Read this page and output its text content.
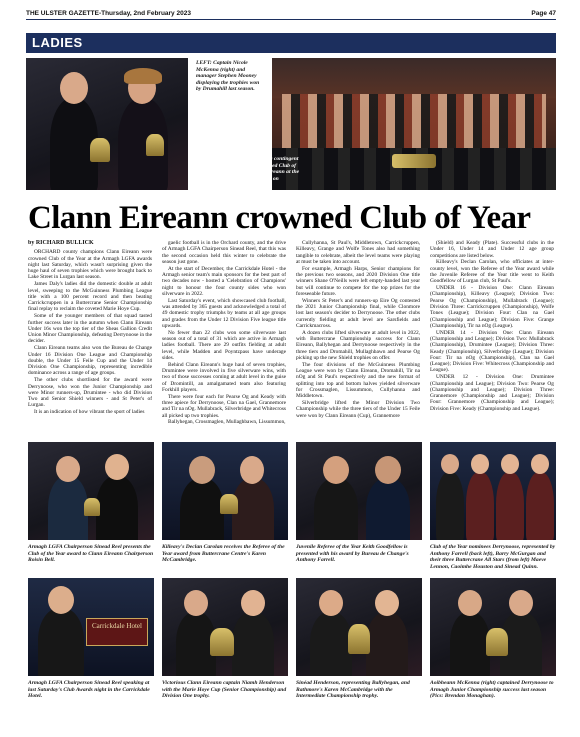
THE ULSTER GAZETTE-Thursday, 2nd February 2023	Page 47
LADIES
LEFT: Captain Nicole McKenna (right) and manager Stephen Mooney displaying the trophies won by Drumahill last season.
RIGHT: The huge contingent from newly-crowned Club of the Year Clann Eireann at the Carrickdale Hotel on Saturday night.
Clann Eireann crowned Club of Year
by RICHARD BULLICK

ORCHARD county champions Clann Eireann were crowned Club of the Year at the Armagh LGFA awards night last Saturday, which wasn't surprising given the huge haul of seven trophies which were brought back to Lake Street in Lurgan last season.

James Daly's ladies did the domestic double at adult level, sweeping to the McGuinness Plumbing League title with a 100 percent record and then beating Carrickcruppen in a Buttercrane Senior Championship final replay to reclaim the coveted Marie Hoye Cup.

Some of the younger members of that squad tasted further success later in the autumn when Clann Eireann Under 16s won the top tier of the Sheas Gallion Credit Union Minor Championship, defeating Derrynoose in the decider.

Clann Eireann teams also won the Bureau de Change Under 16 Division One League and Championship double, the Under 15 Feile Cup and the Under 14 Division One Championship, representing incredible dominance across a range of age groups.

The other clubs shortlisted for the award were Derrynoose, who won the Junior Championship and were Minor runners-up, Drumintee - who did Division Two and Senior Shield winners - and St Peter's of Lurgan.

It is an indication of how vibrant the sport of ladies

gaelic football is in the Orchard county, and the drive of Armagh LGFA Chairperson Sinead Reel, that this was the second occasion held this winter to celebrate the season just gone.

At the start of December, the Carrickdale Hotel - the Armagh senior team's main sponsors for the best part of two decades now - hosted a 'Celebration of Champions' night to honour the four county sides who won silverware in 2022.

Last Saturday's event, which showcased club football, was attended by 365 guests and acknowledged a total of 49 domestic trophy triumphs by teams at all age groups and grades from the Under 12 Division Five league title upwards.

No fewer than 22 clubs won some silverware last season out of a total of 31 which are active in Armagh ladies football. There are 29 outfits fielding at adult level, while Madden and Poyntzpass have underage sides.

Behind Clann Eireann's huge haul of seven trophies, Drumintee were involved in five silverware wins, with two of those successes coming at adult level in the guise of Dromintill, an amalgamated team also featuring Forkhill players.

There were four each for Pearse Og and Keady with three apiece for Derrynoose, Clan na Gael, Grannemore and Tir na nOg. Mullabrack, Silverbridge and Whitecross all picked up two trophies.

Ballyhegan, Crossmaglen, Mullaghbawn, Lissummon,

Cullyhanna, St Paul's, Middletown, Carrickcruppen, Killeavy, Grange and Wolfe Tones also had something tangible to celebrate, albeit the level teams were playing at must be taken into account.

For example, Armagh Harps, Senior champions for the previous two seasons, and 2020 Division One title winners Shane O'Neills were left empty-handed last year but will continue to compete for the top prizes for the foreseeable future.

Winners St Peter's and runners-up Eire Og contested the 2021 Junior Championship final, while Clonmore lost last season's decider to Derrynoose. The other clubs currently fielding at adult level are Sarsfields and Carrickmacross.

A dozen clubs lifted silverware at adult level in 2022, with Buttercrane Championship success for Clann Eireann, Ballyhegan and Derrynoose respectively in the three tiers and Dromahill, Mullaghbawn and Pearse Og picking up the new Shield trophies on offer.

The four divisions of the McGuinness Plumbing League were won by Clann Eireann, Dromahill, Tir na nOg and St Paul's respectively and the new format of splitting into top and bottom halves yielded silverware for Crossmaglen, Lissummon, Cullyhanna and Middletown.

Silverbridge lifted the Minor Division Two Championship while the three tiers of the Under 15 Feile were won by Clann Eireann (Cup), Grannemore

(Shield) and Keady (Plate). Successful clubs in the Under 16, Under 14 and Under 12 age group competitions are listed below.

Killeavy's Declan Carolan, who officiates at inter-county level, won the Referee of the Year award while the Juvenile Referee of the Year title went to Keith Goodfellow of Lurgan club, St Paul's.

UNDER 16 - Division One: Clann Eireann (Championship), Killeavy (League); Division Two: Pearse Og (Championship), Mullabrack (League); Division Three: Carrickcruppen (Championship), Wolfe Tones (League); Division Four: Clan na Gael (Championship and League); Division Five: Grange (Championship), Tir na nOg (League).

UNDER 14 - Division One: Clann Eireann (Championship and League); Division Two: Mullabrack (Championship), Drumintee (League); Division Three: Keady (Championship), Silverbridge (League); Division Four: Tir na nOg (Championship), Clan na Gael (League); Division Five: Whitecross (Championship and League).

UNDER 12 - Division One: Drumintee (Championship and League); Division Two: Pearse Og (Championship and League); Division Three: Grannemore (Championship and League); Division Four: Grannemore (Championship and League); Division Five: Keady (Championship and League).

Armagh LGFA Chairperson Sinead Reel presents the Club of the Year award to Clann Eireann Chairperson Roisin Bell.
Killeavy's Declan Carolan receives the Referee of the Year award from Buttercrane Centre's Karen McCambridge.
Juvenile Referee of the Year Keith Goodfellow is presented with his award by Bureau de Change's Anthony Farrell.
Club of the Year nominees Derrynoose, represented by Anthony Farrell (back left), Barry McGurgan and their three Buttercrane All Stars (from left) Maeve Lennon, Caoimhe Houston and Sinead Quinn.
Carrickdale Hotel
Armagh LGFA Chairperson Sinead Reel speaking at last Saturday's Club Awards night in the Carrickdale Hotel.
Victorious Clann Eireann captain Niamh Henderson with the Marie Hoye Cup (Senior Championship) and Division One trophy.
Sinéad Henderson, representing Ballyhegan, and Rathmore's Karen McCambridge with the Intermediate Championship trophy.
Aoibheann McKenna (right) captained Derrynoose to Armagh Junior Championship success last season (Pics: Brendan Monaghan).
